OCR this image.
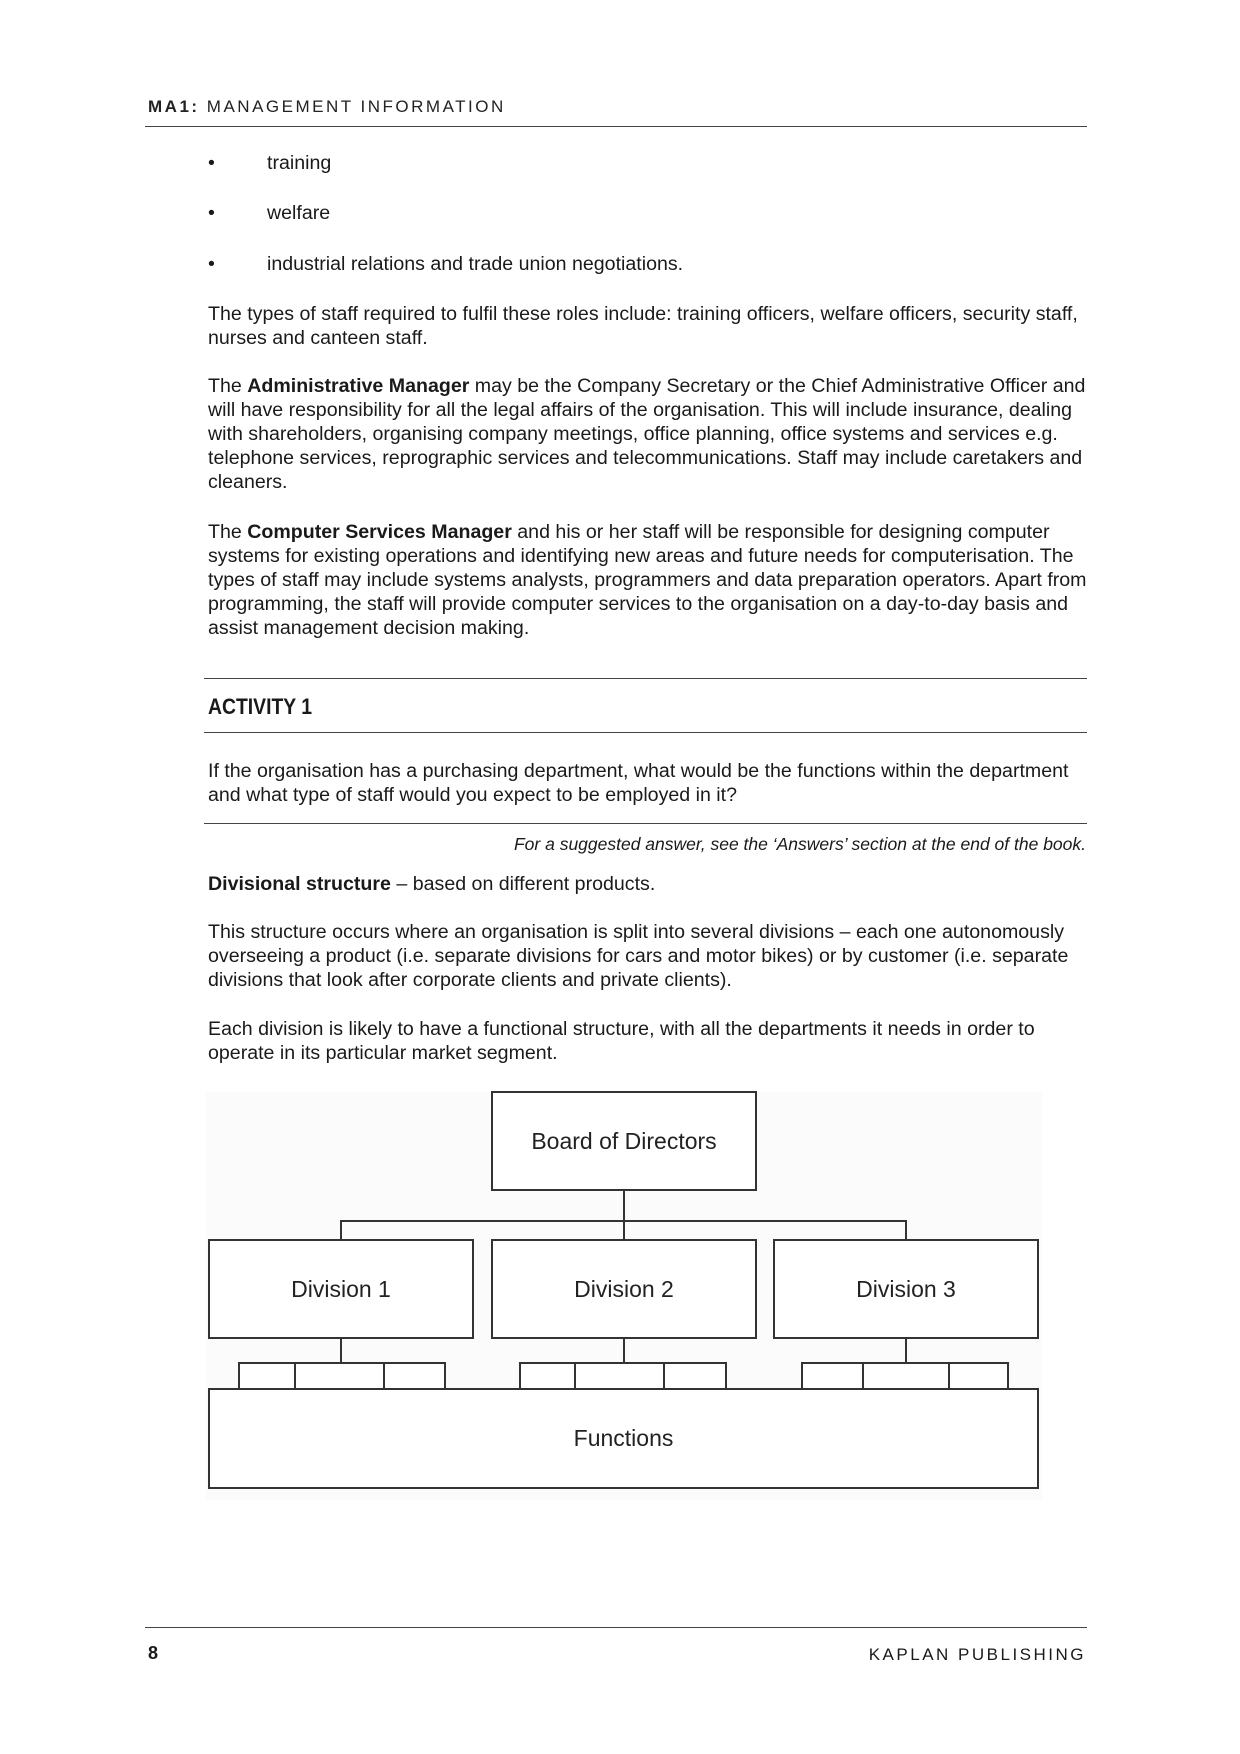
MA1: MANAGEMENT INFORMATION
•	training
•	welfare
•	industrial relations and trade union negotiations.

The types of staff required to fulfil these roles include: training officers, welfare officers, security staff, nurses and canteen staff.

The Administrative Manager may be the Company Secretary or the Chief Administrative Officer and will have responsibility for all the legal affairs of the organisation. This will include insurance, dealing with shareholders, organising company meetings, office planning, office systems and services e.g. telephone services, reprographic services and telecommunications. Staff may include caretakers and cleaners.

The Computer Services Manager and his or her staff will be responsible for designing computer systems for existing operations and identifying new areas and future needs for computerisation. The types of staff may include systems analysts, programmers and data preparation operators. Apart from programming, the staff will provide computer services to the organisation on a day-to-day basis and assist management decision making.

ACTIVITY 1

If the organisation has a purchasing department, what would be the functions within the department and what type of staff would you expect to be employed in it?

For a suggested answer, see the ‘Answers’ section at the end of the book.

Divisional structure – based on different products.

This structure occurs where an organisation is split into several divisions – each one autonomously overseeing a product (i.e. separate divisions for cars and motor bikes) or by customer (i.e. separate divisions that look after corporate clients and private clients).

Each division is likely to have a functional structure, with all the departments it needs in order to operate in its particular market segment.

Board of Directors
Division 1	Division 2	Division 3
Functions
8	KAPLAN PUBLISHING
